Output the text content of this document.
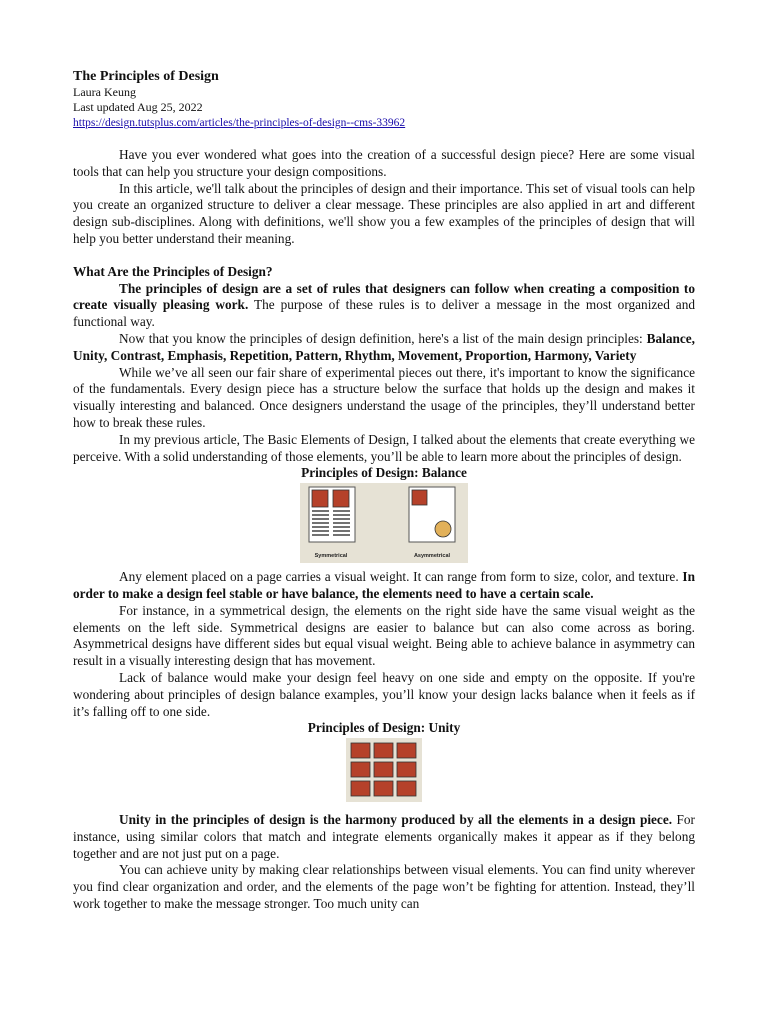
The Principles of Design
Laura Keung
Last updated Aug 25, 2022
https://design.tutsplus.com/articles/the-principles-of-design--cms-33962

Have you ever wondered what goes into the creation of a successful design piece? Here are some visual tools that can help you structure your design compositions.

In this article, we'll talk about the principles of design and their importance. This set of visual tools can help you create an organized structure to deliver a clear message. These principles are also applied in art and different design sub-disciplines. Along with definitions, we'll show you a few examples of the principles of design that will help you better understand their meaning.

What Are the Principles of Design?

The principles of design are a set of rules that designers can follow when creating a composition to create visually pleasing work. The purpose of these rules is to deliver a message in the most organized and functional way.

Now that you know the principles of design definition, here's a list of the main design principles: Balance, Unity, Contrast, Emphasis, Repetition, Pattern, Rhythm, Movement, Proportion, Harmony, Variety

While we’ve all seen our fair share of experimental pieces out there, it's important to know the significance of the fundamentals. Every design piece has a structure below the surface that holds up the design and makes it visually interesting and balanced. Once designers understand the usage of the principles, they’ll understand better how to break these rules.

In my previous article, The Basic Elements of Design, I talked about the elements that create everything we perceive. With a solid understanding of those elements, you’ll be able to learn more about the principles of design.

Principles of Design: Balance
Symmetrical	Asymmetrical

Any element placed on a page carries a visual weight. It can range from form to size, color, and texture. In order to make a design feel stable or have balance, the elements need to have a certain scale.

For instance, in a symmetrical design, the elements on the right side have the same visual weight as the elements on the left side. Symmetrical designs are easier to balance but can also come across as boring. Asymmetrical designs have different sides but equal visual weight. Being able to achieve balance in asymmetry can result in a visually interesting design that has movement.

Lack of balance would make your design feel heavy on one side and empty on the opposite. If you're wondering about principles of design balance examples, you’ll know your design lacks balance when it feels as if it’s falling off to one side.

Principles of Design: Unity

Unity in the principles of design is the harmony produced by all the elements in a design piece. For instance, using similar colors that match and integrate elements organically makes it appear as if they belong together and are not just put on a page.

You can achieve unity by making clear relationships between visual elements. You can find unity wherever you find clear organization and order, and the elements of the page won’t be fighting for attention. Instead, they’ll work together to make the message stronger. Too much unity can
